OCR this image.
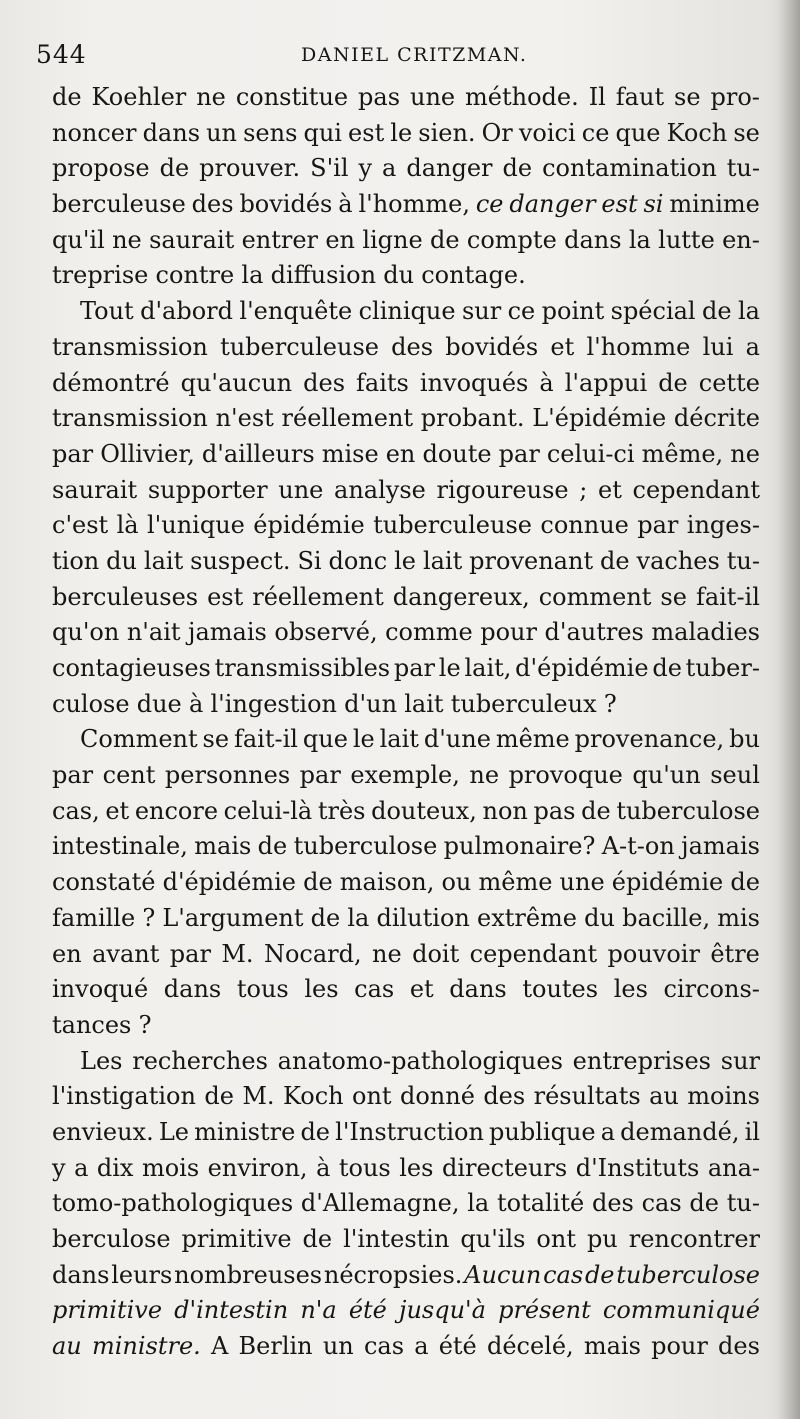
544	DANIEL CRITZMAN.
de Koehler ne constitue pas une méthode. Il faut se pro-
noncer dans un sens qui est le sien. Or voici ce que Koch se
propose de prouver. S'il y a danger de contamination tu-
berculeuse des bovidés à l'homme, ce danger est si minime
qu'il ne saurait entrer en ligne de compte dans la lutte en-
treprise contre la diffusion du contage.
Tout d'abord l'enquête clinique sur ce point spécial de la
transmission tuberculeuse des bovidés et l'homme lui a
démontré qu'aucun des faits invoqués à l'appui de cette
transmission n'est réellement probant. L'épidémie décrite
par Ollivier, d'ailleurs mise en doute par celui-ci même, ne
saurait supporter une analyse rigoureuse ; et cependant
c'est là l'unique épidémie tuberculeuse connue par inges-
tion du lait suspect. Si donc le lait provenant de vaches tu-
berculeuses est réellement dangereux, comment se fait-il
qu'on n'ait jamais observé, comme pour d'autres maladies
contagieuses transmissibles par le lait, d'épidémie de tuber-
culose due à l'ingestion d'un lait tuberculeux ?
Comment se fait-il que le lait d'une même provenance, bu
par cent personnes par exemple, ne provoque qu'un seul
cas, et encore celui-là très douteux, non pas de tuberculose
intestinale, mais de tuberculose pulmonaire? A-t-on jamais
constaté d'épidémie de maison, ou même une épidémie de
famille ? L'argument de la dilution extrême du bacille, mis
en avant par M. Nocard, ne doit cependant pouvoir être
invoqué dans tous les cas et dans toutes les circons-
tances ?
Les recherches anatomo-pathologiques entreprises sur
l'instigation de M. Koch ont donné des résultats au moins
envieux. Le ministre de l'Instruction publique a demandé, il
y a dix mois environ, à tous les directeurs d'Instituts ana-
tomo-pathologiques d'Allemagne, la totalité des cas de tu-
berculose primitive de l'intestin qu'ils ont pu rencontrer
dans leurs nombreuses nécropsies. Aucun cas de tuberculose
primitive d'intestin n'a été jusqu'à présent communiqué
au ministre. A Berlin un cas a été décelé, mais pour des
